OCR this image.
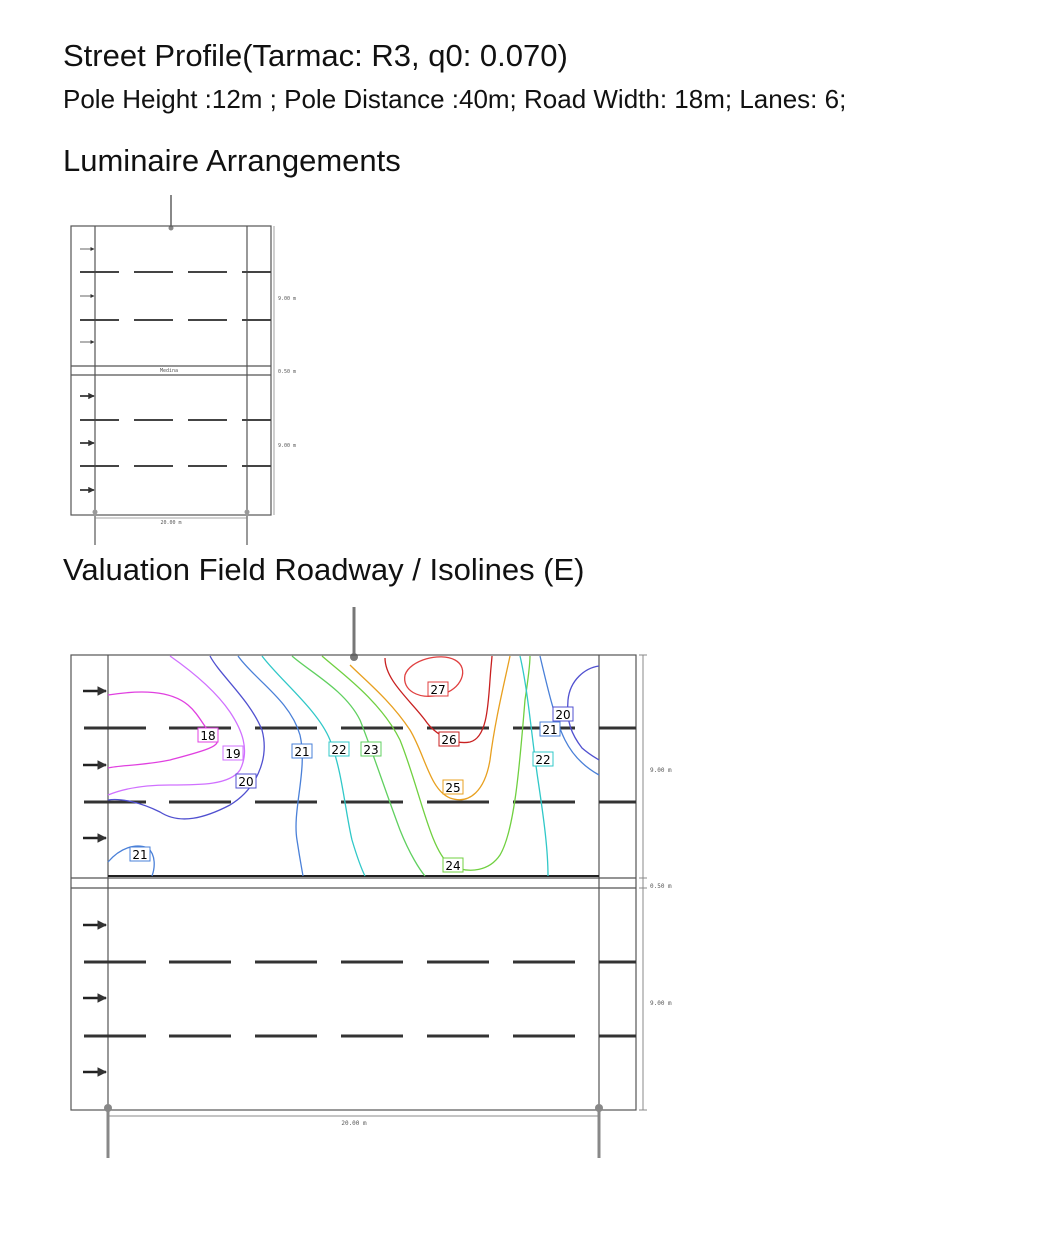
Street Profile(Tarmac: R3, q0: 0.070)
Pole Height :12m ; Pole Distance :40m; Road Width: 18m; Lanes: 6;
Luminaire Arrangements
Valuation Field Roadway / Isolines (E)
Medina
20.00 m
9.00 m
0.50 m
9.00 m
18
19
20
21 22 23
27
26
25
24
22
21
20
21
20.00 m
9.00 m
0.50 m
9.00 m
